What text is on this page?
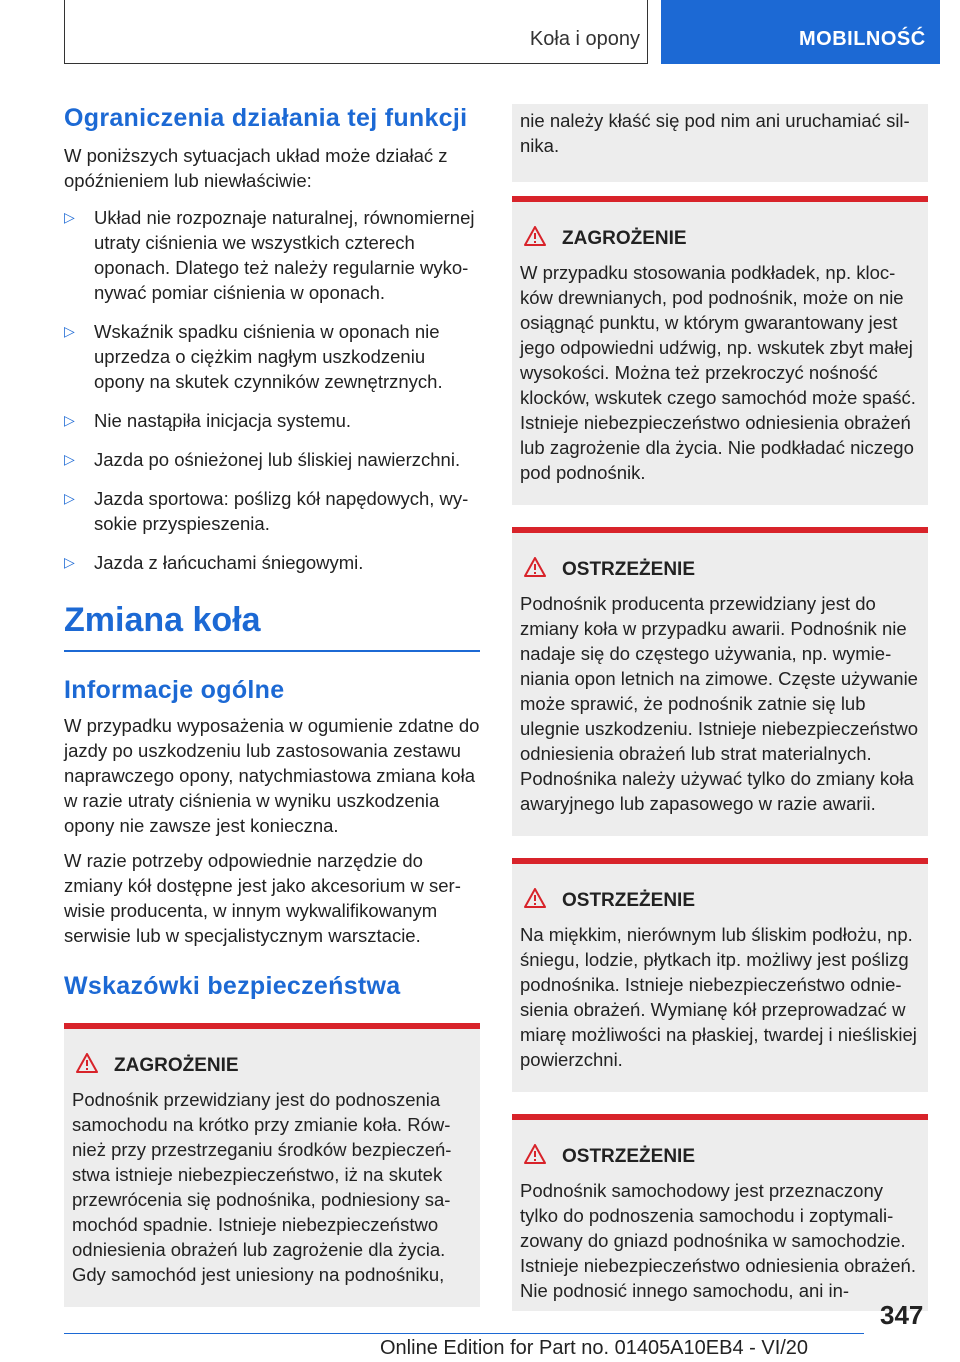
Koła i opony	MOBILNOŚĆ
Ograniczenia działania tej funkcji

W poniższych sytuacjach układ może działać z opóźnieniem lub niewłaściwie:

▷ Układ nie rozpoznaje naturalnej, równomiernej utraty ciśnienia we wszystkich czterech oponach. Dlatego też należy regularnie wykonywać pomiar ciśnienia w oponach.
▷ Wskaźnik spadku ciśnienia w oponach nie uprzedza o ciężkim nagłym uszkodzeniu opony na skutek czynników zewnętrznych.
▷ Nie nastąpiła inicjacja systemu.
▷ Jazda po ośnieżonej lub śliskiej nawierzchni.
▷ Jazda sportowa: poślizg kół napędowych, wysokie przyspieszenia.
▷ Jazda z łańcuchami śniegowymi.
Zmiana koła
Informacje ogólne

W przypadku wyposażenia w ogumienie zdatne do jazdy po uszkodzeniu lub zastosowania zestawu naprawczego opony, natychmiastowa zmiana koła w razie utraty ciśnienia w wyniku uszkodzenia opony nie zawsze jest konieczna.

W razie potrzeby odpowiednie narzędzie do zmiany kół dostępne jest jako akcesorium w serwisie producenta, w innym wykwalifikowanym serwisie lub w specjalistycznym warsztacie.

Wskazówki bezpieczeństwa
ZAGROŻENIE

Podnośnik przewidziany jest do podnoszenia samochodu na krótko przy zmianie koła. Również przy przestrzeganiu środków bezpieczeństwa istnieje niebezpieczeństwo, iż na skutek przewrócenia się podnośnika, podniesiony samochód spadnie. Istnieje niebezpieczeństwo odniesienia obrażeń lub zagrożenie dla życia. Gdy samochód jest uniesiony na podnośniku,

nie należy kłaść się pod nim ani uruchamiać silnika.

ZAGROŻENIE

W przypadku stosowania podkładek, np. klocków drewnianych, pod podnośnik, może on nie osiągnąć punktu, w którym gwarantowany jest jego odpowiedni udźwig, np. wskutek zbyt małej wysokości. Można też przekroczyć nośność klocków, wskutek czego samochód może spaść. Istnieje niebezpieczeństwo odniesienia obrażeń lub zagrożenie dla życia. Nie podkładać niczego pod podnośnik.

OSTRZEŻENIE

Podnośnik producenta przewidziany jest do zmiany koła w przypadku awarii. Podnośnik nie nadaje się do częstego używania, np. wymieniania opon letnich na zimowe. Częste używanie może sprawić, że podnośnik zatnie się lub ulegnie uszkodzeniu. Istnieje niebezpieczeństwo odniesienia obrażeń lub strat materialnych. Podnośnika należy używać tylko do zmiany koła awaryjnego lub zapasowego w razie awarii.

OSTRZEŻENIE

Na miękkim, nierównym lub śliskim podłożu, np. śniegu, lodzie, płytkach itp. możliwy jest poślizg podnośnika. Istnieje niebezpieczeństwo odniesienia obrażeń. Wymianę kół przeprowadzać w miarę możliwości na płaskiej, twardej i nieśliskiej powierzchni.

OSTRZEŻENIE

Podnośnik samochodowy jest przeznaczony tylko do podnoszenia samochodu i zoptymalizowany do gniazd podnośnika w samochodzie. Istnieje niebezpieczeństwo odniesienia obrażeń. Nie podnosić innego samochodu, ani in-

347
Online Edition for Part no. 01405A10EB4 - VI/20
